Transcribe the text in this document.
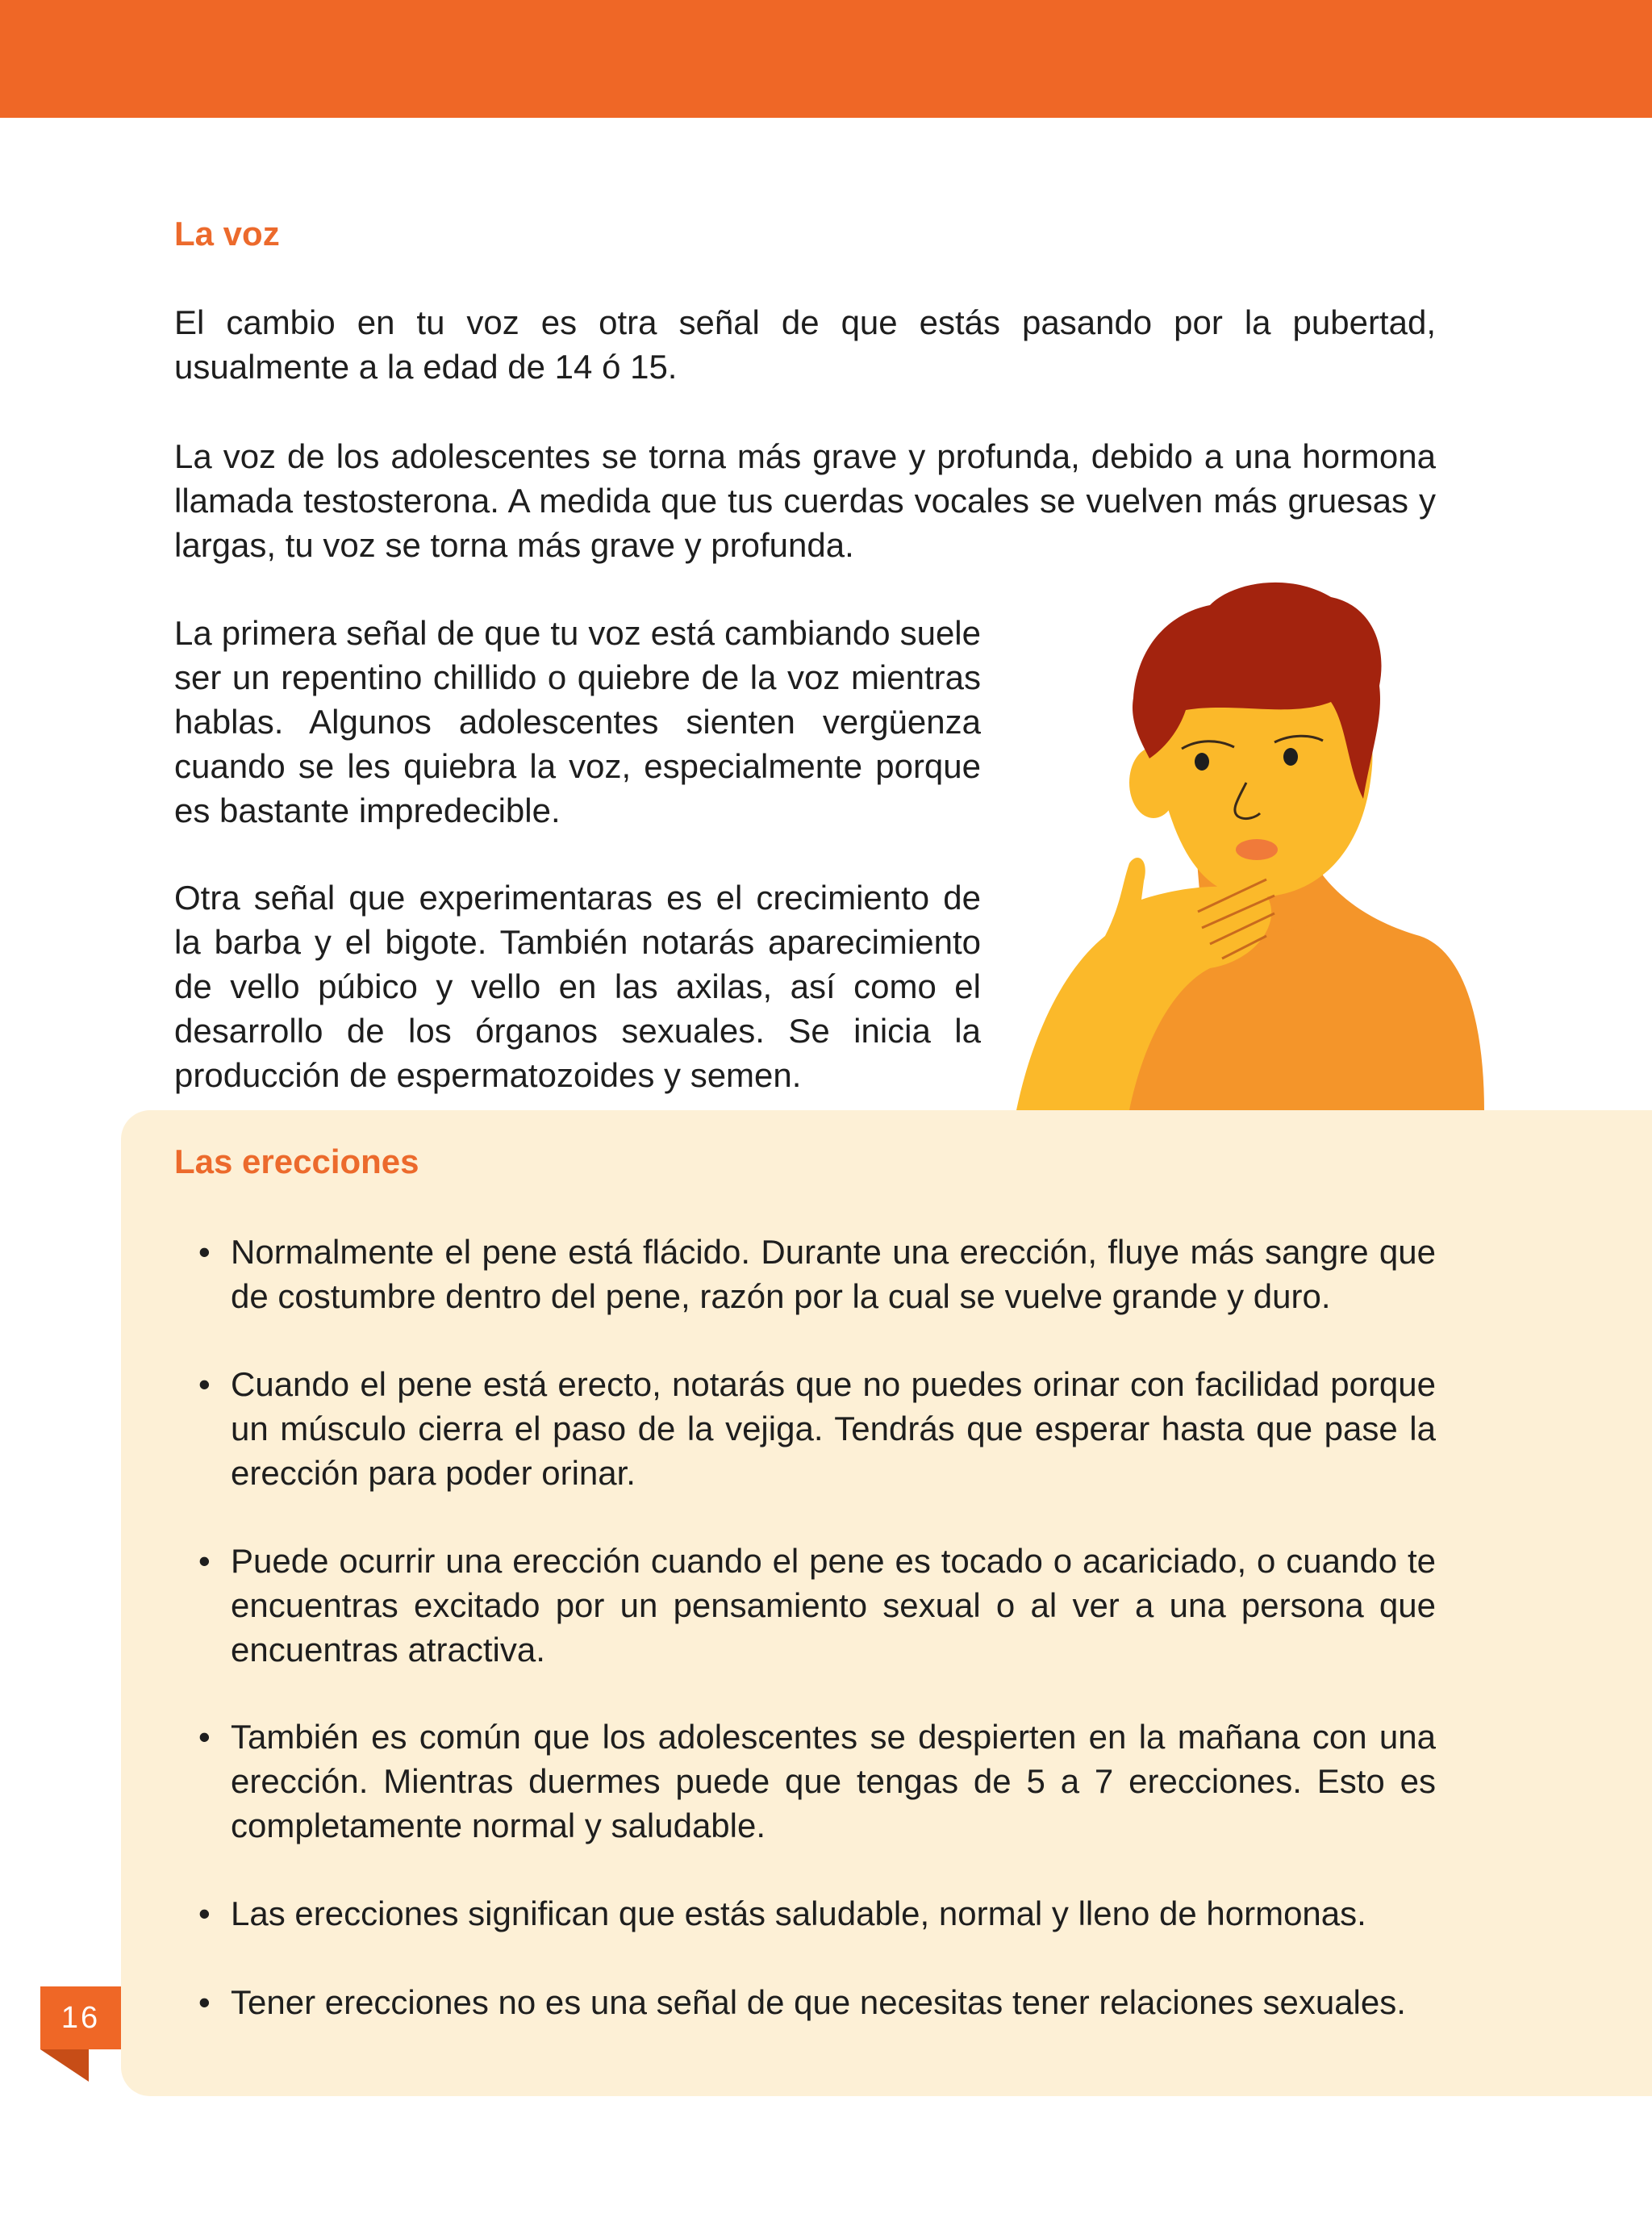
La voz

El cambio en tu voz es otra señal de que estás pasando por la pubertad, usualmente a la edad de 14 ó 15.

La voz de los adolescentes se torna más grave y profunda, debido a una hormona llamada testosterona. A medida que tus cuerdas vocales se vuelven más gruesas y largas, tu voz se torna más grave y profunda.

La primera señal de que tu voz está cambiando suele ser un repentino chillido o quiebre de la voz mientras hablas. Algunos adolescentes sienten vergüenza cuando se les quiebra la voz, especialmente porque es bastante impredecible.

Otra señal que experimentaras es el crecimiento de la barba y el bigote. También notarás aparecimiento de vello púbico y vello en las axilas, así como el desarrollo de los órganos sexuales. Se inicia la producción de espermatozoides y semen.

Las erecciones
• Normalmente el pene está flácido. Durante una erección, fluye más sangre que de costumbre dentro del pene, razón por la cual se vuelve grande y duro.

• Cuando el pene está erecto, notarás que no puedes orinar con facilidad porque un músculo cierra el paso de la vejiga. Tendrás que esperar hasta que pase la erección para poder orinar.

• Puede ocurrir una erección cuando el pene es tocado o acariciado, o cuando te encuentras excitado por un pensamiento sexual o al ver a una persona que encuentras atractiva.

• También es común que los adolescentes se despierten en la mañana con una erección. Mientras duermes puede que tengas de 5 a 7 erecciones. Esto es completamente normal y saludable.

• Las erecciones significan que estás saludable, normal y lleno de hormonas.

• Tener erecciones no es una señal de que necesitas tener relaciones sexuales.

16
